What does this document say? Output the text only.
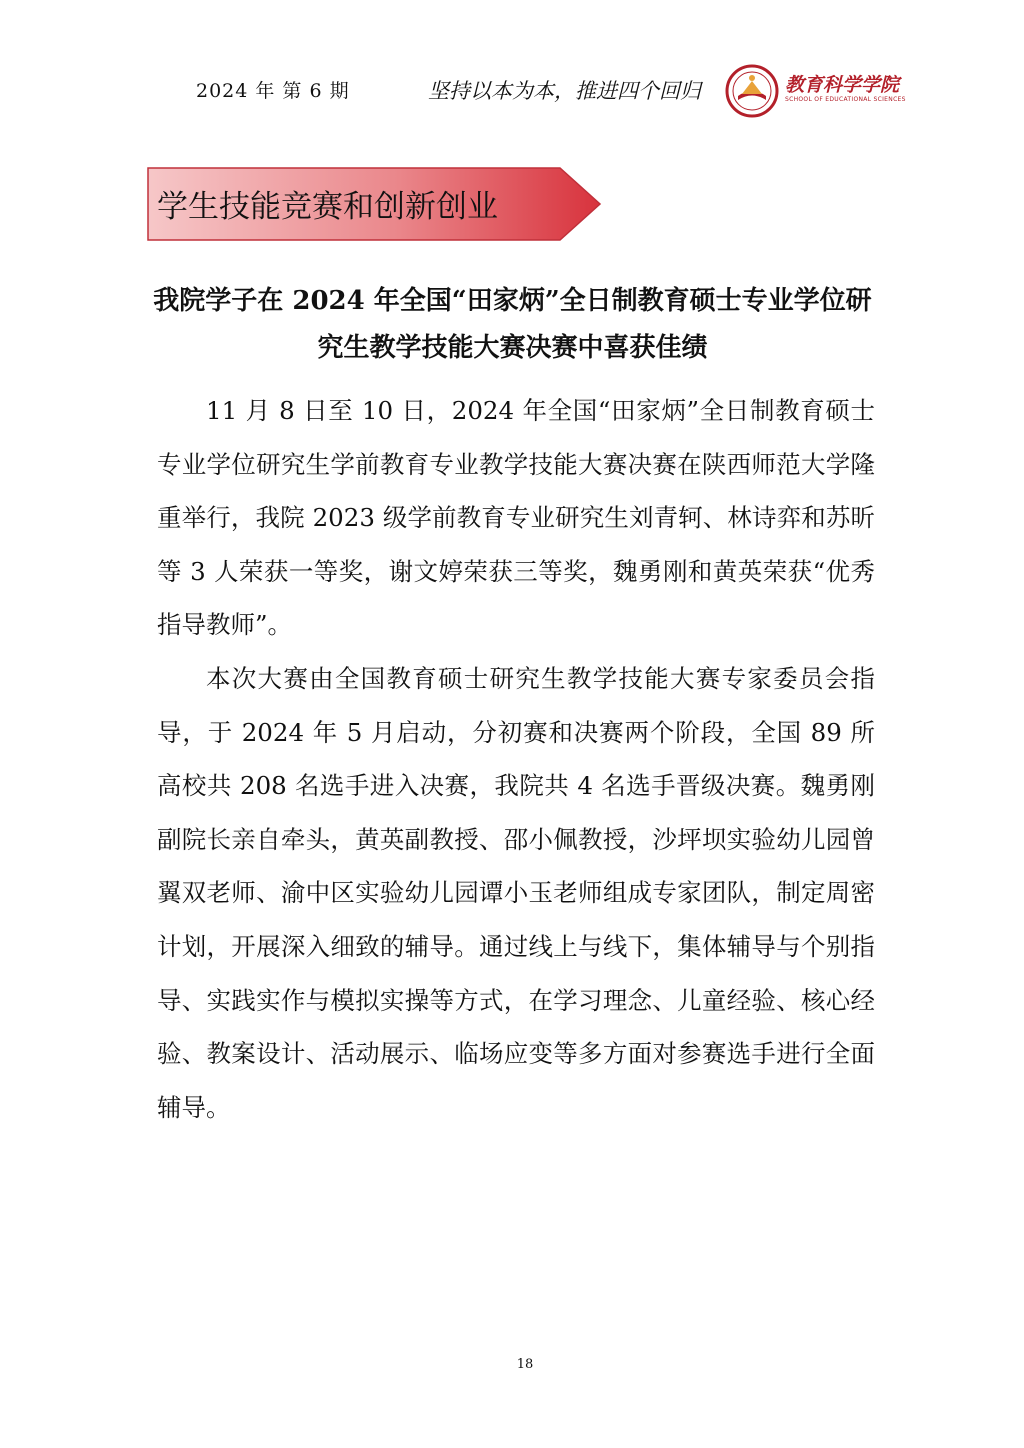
2024 年 第 6 期	坚持以本为本，推进四个回归	教育科学学院
SCHOOL OF EDUCATIONAL SCIENCES
学生技能竞赛和创新创业
我院学子在 2024 年全国“田家炳”全日制教育硕士专业学位研究生教学技能大赛决赛中喜获佳绩

11 月 8 日至 10 日，2024 年全国“田家炳”全日制教育硕士专业学位研究生学前教育专业教学技能大赛决赛在陕西师范大学隆重举行，我院 2023 级学前教育专业研究生刘青轲、林诗弈和苏昕等 3 人荣获一等奖，谢文婷荣获三等奖，魏勇刚和黄英荣获“优秀指导教师”。

本次大赛由全国教育硕士研究生教学技能大赛专家委员会指导，于 2024 年 5 月启动，分初赛和决赛两个阶段，全国 89 所高校共 208 名选手进入决赛，我院共 4 名选手晋级决赛。魏勇刚副院长亲自牵头，黄英副教授、邵小佩教授，沙坪坝实验幼儿园曾翼双老师、渝中区实验幼儿园谭小玉老师组成专家团队，制定周密计划，开展深入细致的辅导。通过线上与线下，集体辅导与个别指导、实践实作与模拟实操等方式，在学习理念、儿童经验、核心经验、教案设计、活动展示、临场应变等多方面对参赛选手进行全面辅导。

18
